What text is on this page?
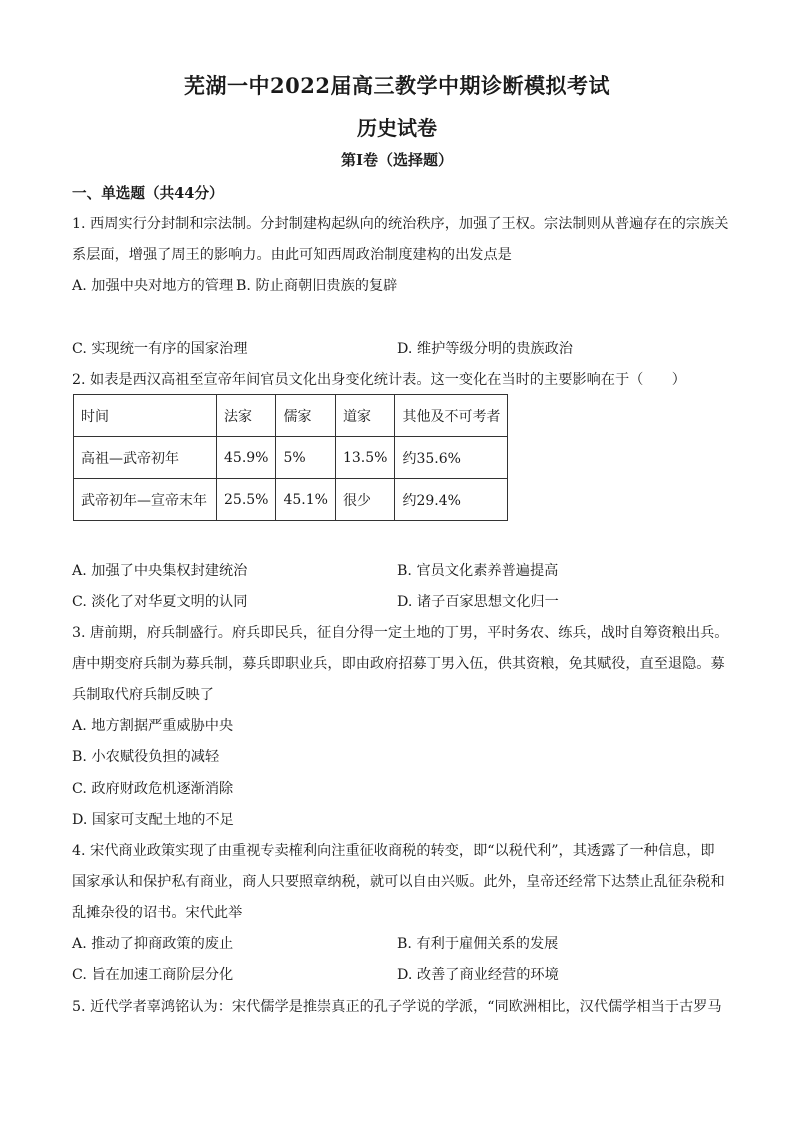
芜湖一中2022届高三教学中期诊断模拟考试
历史试卷
第Ⅰ卷（选择题）
一、单选题（共44分）
1. 西周实行分封制和宗法制。分封制建构起纵向的统治秩序，加强了王权。宗法制则从普遍存在的宗族关
系层面，增强了周王的影响力。由此可知西周政治制度建构的出发点是
A. 加强中央对地方的管理 B. 防止商朝旧贵族的复辟
C. 实现统一有序的国家治理	D. 维护等级分明的贵族政治
2. 如表是西汉高祖至宣帝年间官员文化出身变化统计表。这一变化在当时的主要影响在于（　　）
时间	法家	儒家	道家	其他及不可考者
高祖—武帝初年	45.9%	5%	13.5%	约35.6%
武帝初年—宣帝末年	25.5%	45.1%	很少	约29.4%
A. 加强了中央集权封建统治	B. 官员文化素养普遍提高
C. 淡化了对华夏文明的认同	D. 诸子百家思想文化归一
3. 唐前期，府兵制盛行。府兵即民兵，征自分得一定土地的丁男，平时务农、练兵，战时自筹资粮出兵。
唐中期变府兵制为募兵制，募兵即职业兵，即由政府招募丁男入伍，供其资粮，免其赋役，直至退隐。募
兵制取代府兵制反映了
A. 地方割据严重威胁中央
B. 小农赋役负担的减轻
C. 政府财政危机逐渐消除
D. 国家可支配土地的不足
4. 宋代商业政策实现了由重视专卖榷利向注重征收商税的转变，即“以税代利”，其透露了一种信息，即
国家承认和保护私有商业，商人只要照章纳税，就可以自由兴贩。此外，皇帝还经常下达禁止乱征杂税和
乱摊杂役的诏书。宋代此举
A. 推动了抑商政策的废止	B. 有利于雇佣关系的发展
C. 旨在加速工商阶层分化	D. 改善了商业经营的环境
5. 近代学者辜鸿铭认为：宋代儒学是推崇真正的孔子学说的学派，“同欧洲相比，汉代儒学相当于古罗马
